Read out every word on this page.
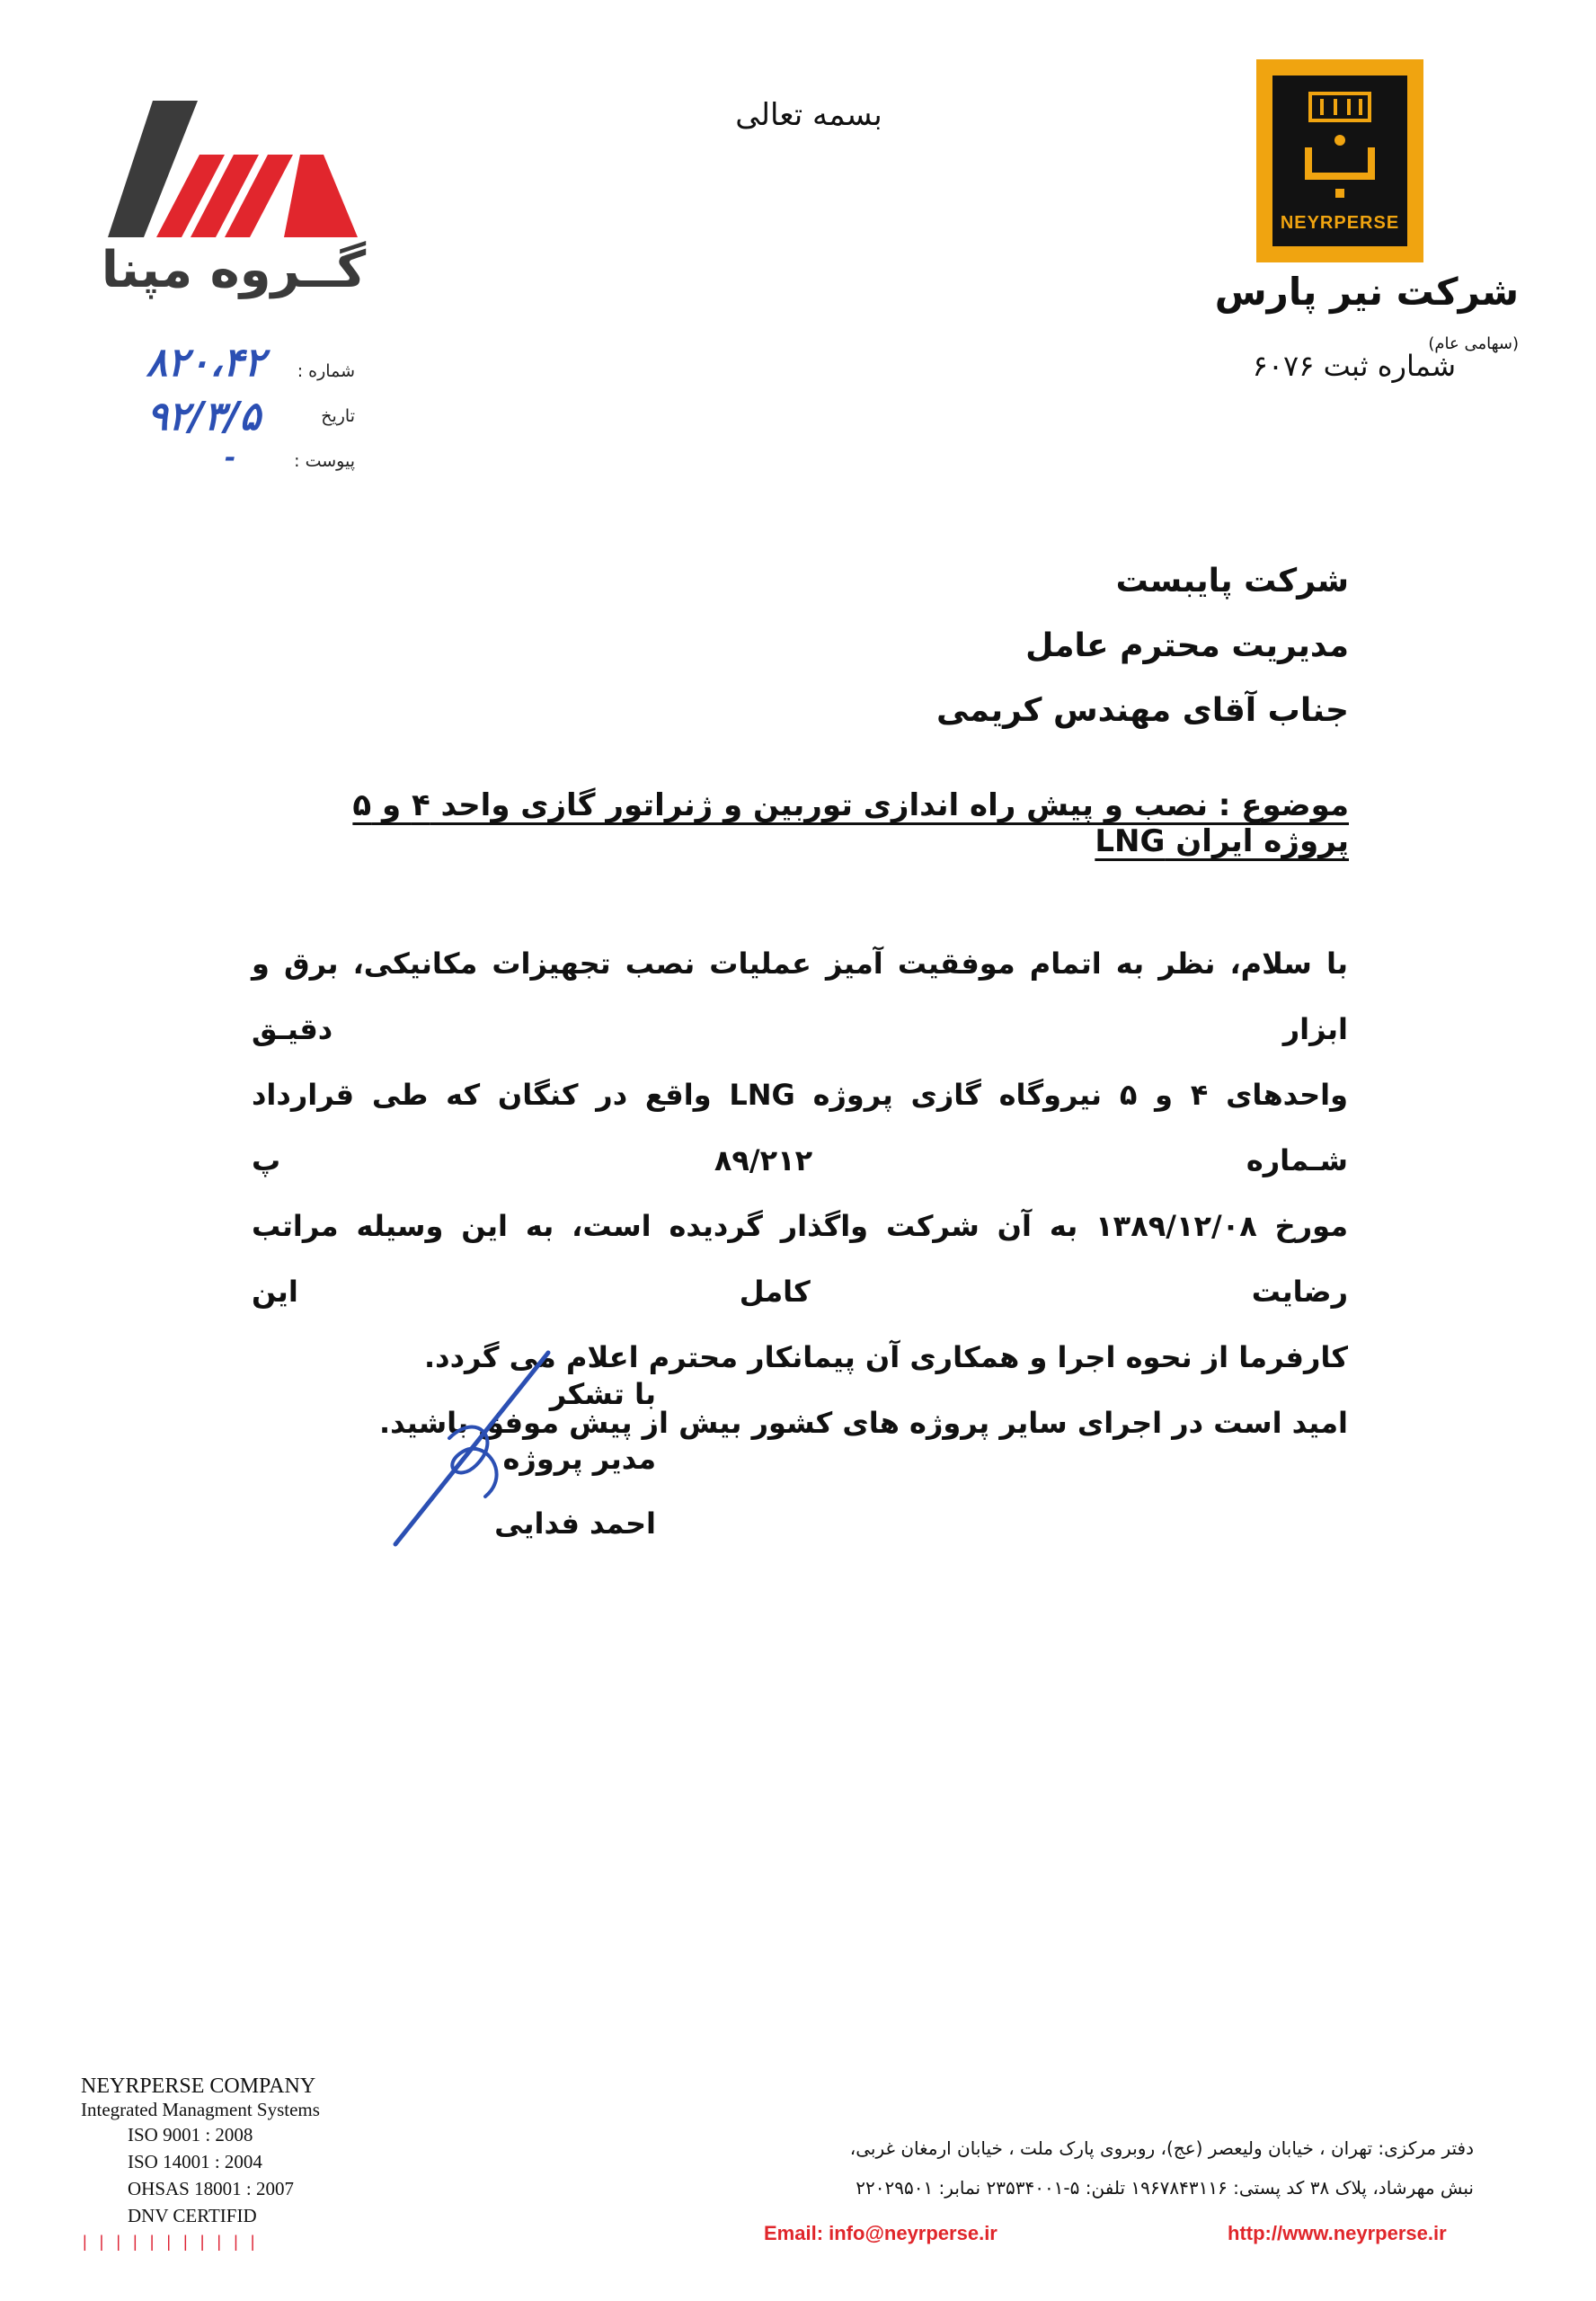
گــروه مپنا
شماره :
تاریخ
پیوست :
۸۲۰،۴۲
۹۲/۳/۵
-
بسمه تعالی
NEYRPERSE
شرکت نیر پارس (سهامی عام)
شماره ثبت ۶۰۷۶
شرکت پایبست
مدیریت محترم عامل
جناب آقای مهندس کریمی
موضوع : نصب و پیش راه اندازی توربین و ژنراتور گازی واحد ۴ و ۵ پروژه ایران LNG

با سلام، نظر به اتمام موفقیت آمیز عملیات نصب تجهیزات مکانیکی، برق و ابزار دقیـق

واحدهای ۴ و ۵ نیروگاه گازی پروژه LNG واقع در کنگان که طی قرارداد شـماره ۸۹/۲۱۲ پ

مورخ ۱۳۸۹/۱۲/۰۸ به آن شرکت واگذار گردیده است، به این وسیله مراتب رضایت کامل این

کارفرما از نحوه اجرا و همکاری آن پیمانکار محترم اعلام می گردد.

امید است در اجرای سایر پروژه های کشور بیش از پیش موفق باشید.

با تشکر
مدیر پروژه
احمد فدایی
NEYRPERSE COMPANY
Integrated Managment Systems
ISO 9001 : 2008
ISO 14001 : 2004
OHSAS 18001 : 2007
DNV CERTIFID
|||||||||||
دفتر مرکزی: تهران ، خیابان ولیعصر (عج)، روبروی پارک ملت ، خیابان ارمغان غربی،
نبش مهرشاد، پلاک ۳۸ کد پستی: ۱۹۶۷۸۴۳۱۱۶ تلفن: ۵-۲۳۵۳۴۰۰۱ نمابر: ۲۲۰۲۹۵۰۱
Email: info@neyrperse.ir	http://www.neyrperse.ir
